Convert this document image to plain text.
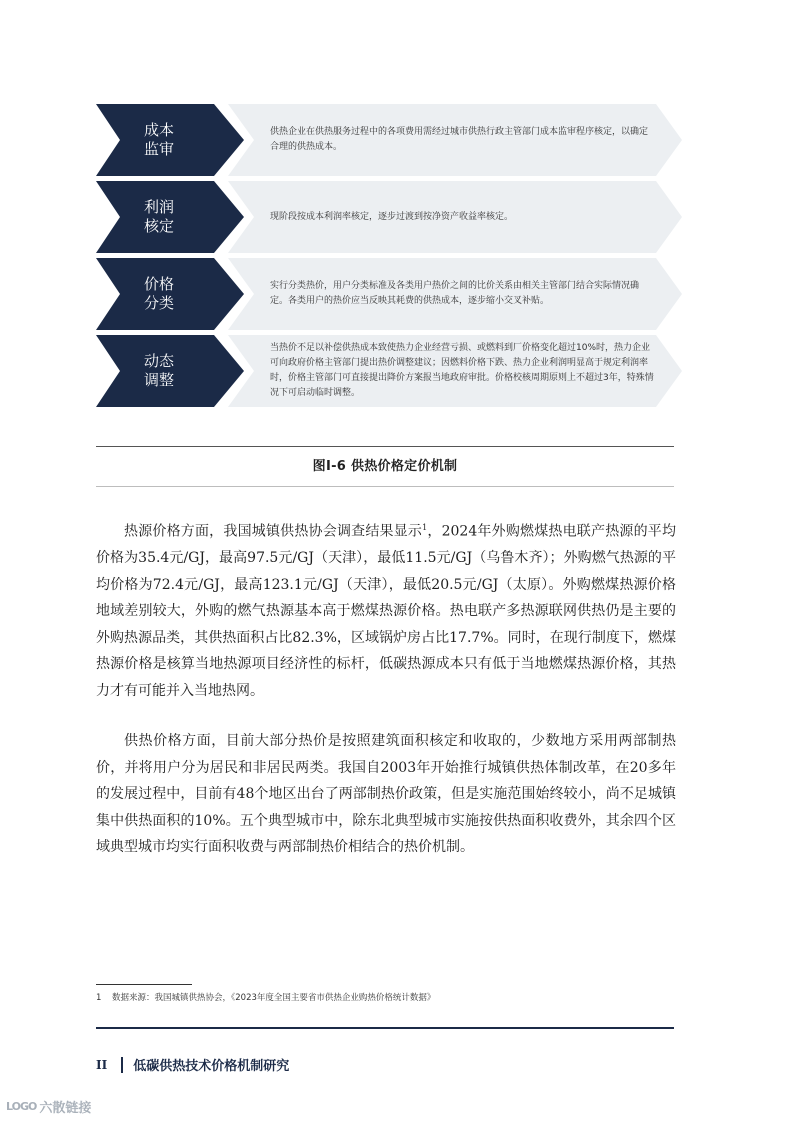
成本
监审
供热企业在供热服务过程中的各项费用需经过城市供热行政主管部门成本监审程序核定，以确定合理的供热成本。
利润
核定
现阶段按成本利润率核定，逐步过渡到按净资产收益率核定。
价格
分类
实行分类热价，用户分类标准及各类用户热价之间的比价关系由相关主管部门结合实际情况确定。各类用户的热价应当反映其耗费的供热成本，逐步缩小交叉补贴。
动态
调整
当热价不足以补偿供热成本致使热力企业经营亏损、或燃料到厂价格变化超过10%时，热力企业可向政府价格主管部门提出热价调整建议；因燃料价格下跌、热力企业利润明显高于规定利润率时，价格主管部门可直接提出降价方案报当地政府审批。价格校核周期原则上不超过3年，特殊情况下可启动临时调整。
图I-6 供热价格定价机制

热源价格方面，我国城镇供热协会调查结果显示$^1$，2024年外购燃煤热电联产热源的平均价格为35.4元/GJ，最高97.5元/GJ（天津），最低11.5元/GJ（乌鲁木齐）；外购燃气热源的平均价格为72.4元/GJ，最高123.1元/GJ（天津），最低20.5元/GJ（太原）。外购燃煤热源价格地域差别较大，外购的燃气热源基本高于燃煤热源价格。热电联产多热源联网供热仍是主要的外购热源品类，其供热面积占比82.3%，区域锅炉房占比17.7%。同时，在现行制度下，燃煤热源价格是核算当地热源项目经济性的标杆，低碳热源成本只有低于当地燃煤热源价格，其热力才有可能并入当地热网。

供热价格方面，目前大部分热价是按照建筑面积核定和收取的，少数地方采用两部制热价，并将用户分为居民和非居民两类。我国自2003年开始推行城镇供热体制改革，在20多年的发展过程中，目前有48个地区出台了两部制热价政策，但是实施范围始终较小，尚不足城镇集中供热面积的10%。五个典型城市中，除东北典型城市实施按供热面积收费外，其余四个区域典型城市均实行面积收费与两部制热价相结合的热价机制。

1 数据来源：我国城镇供热协会，《2023年度全国主要省市供热企业购热价格统计数据》
II 低碳供热技术价格机制研究
LOGO 六散链接
